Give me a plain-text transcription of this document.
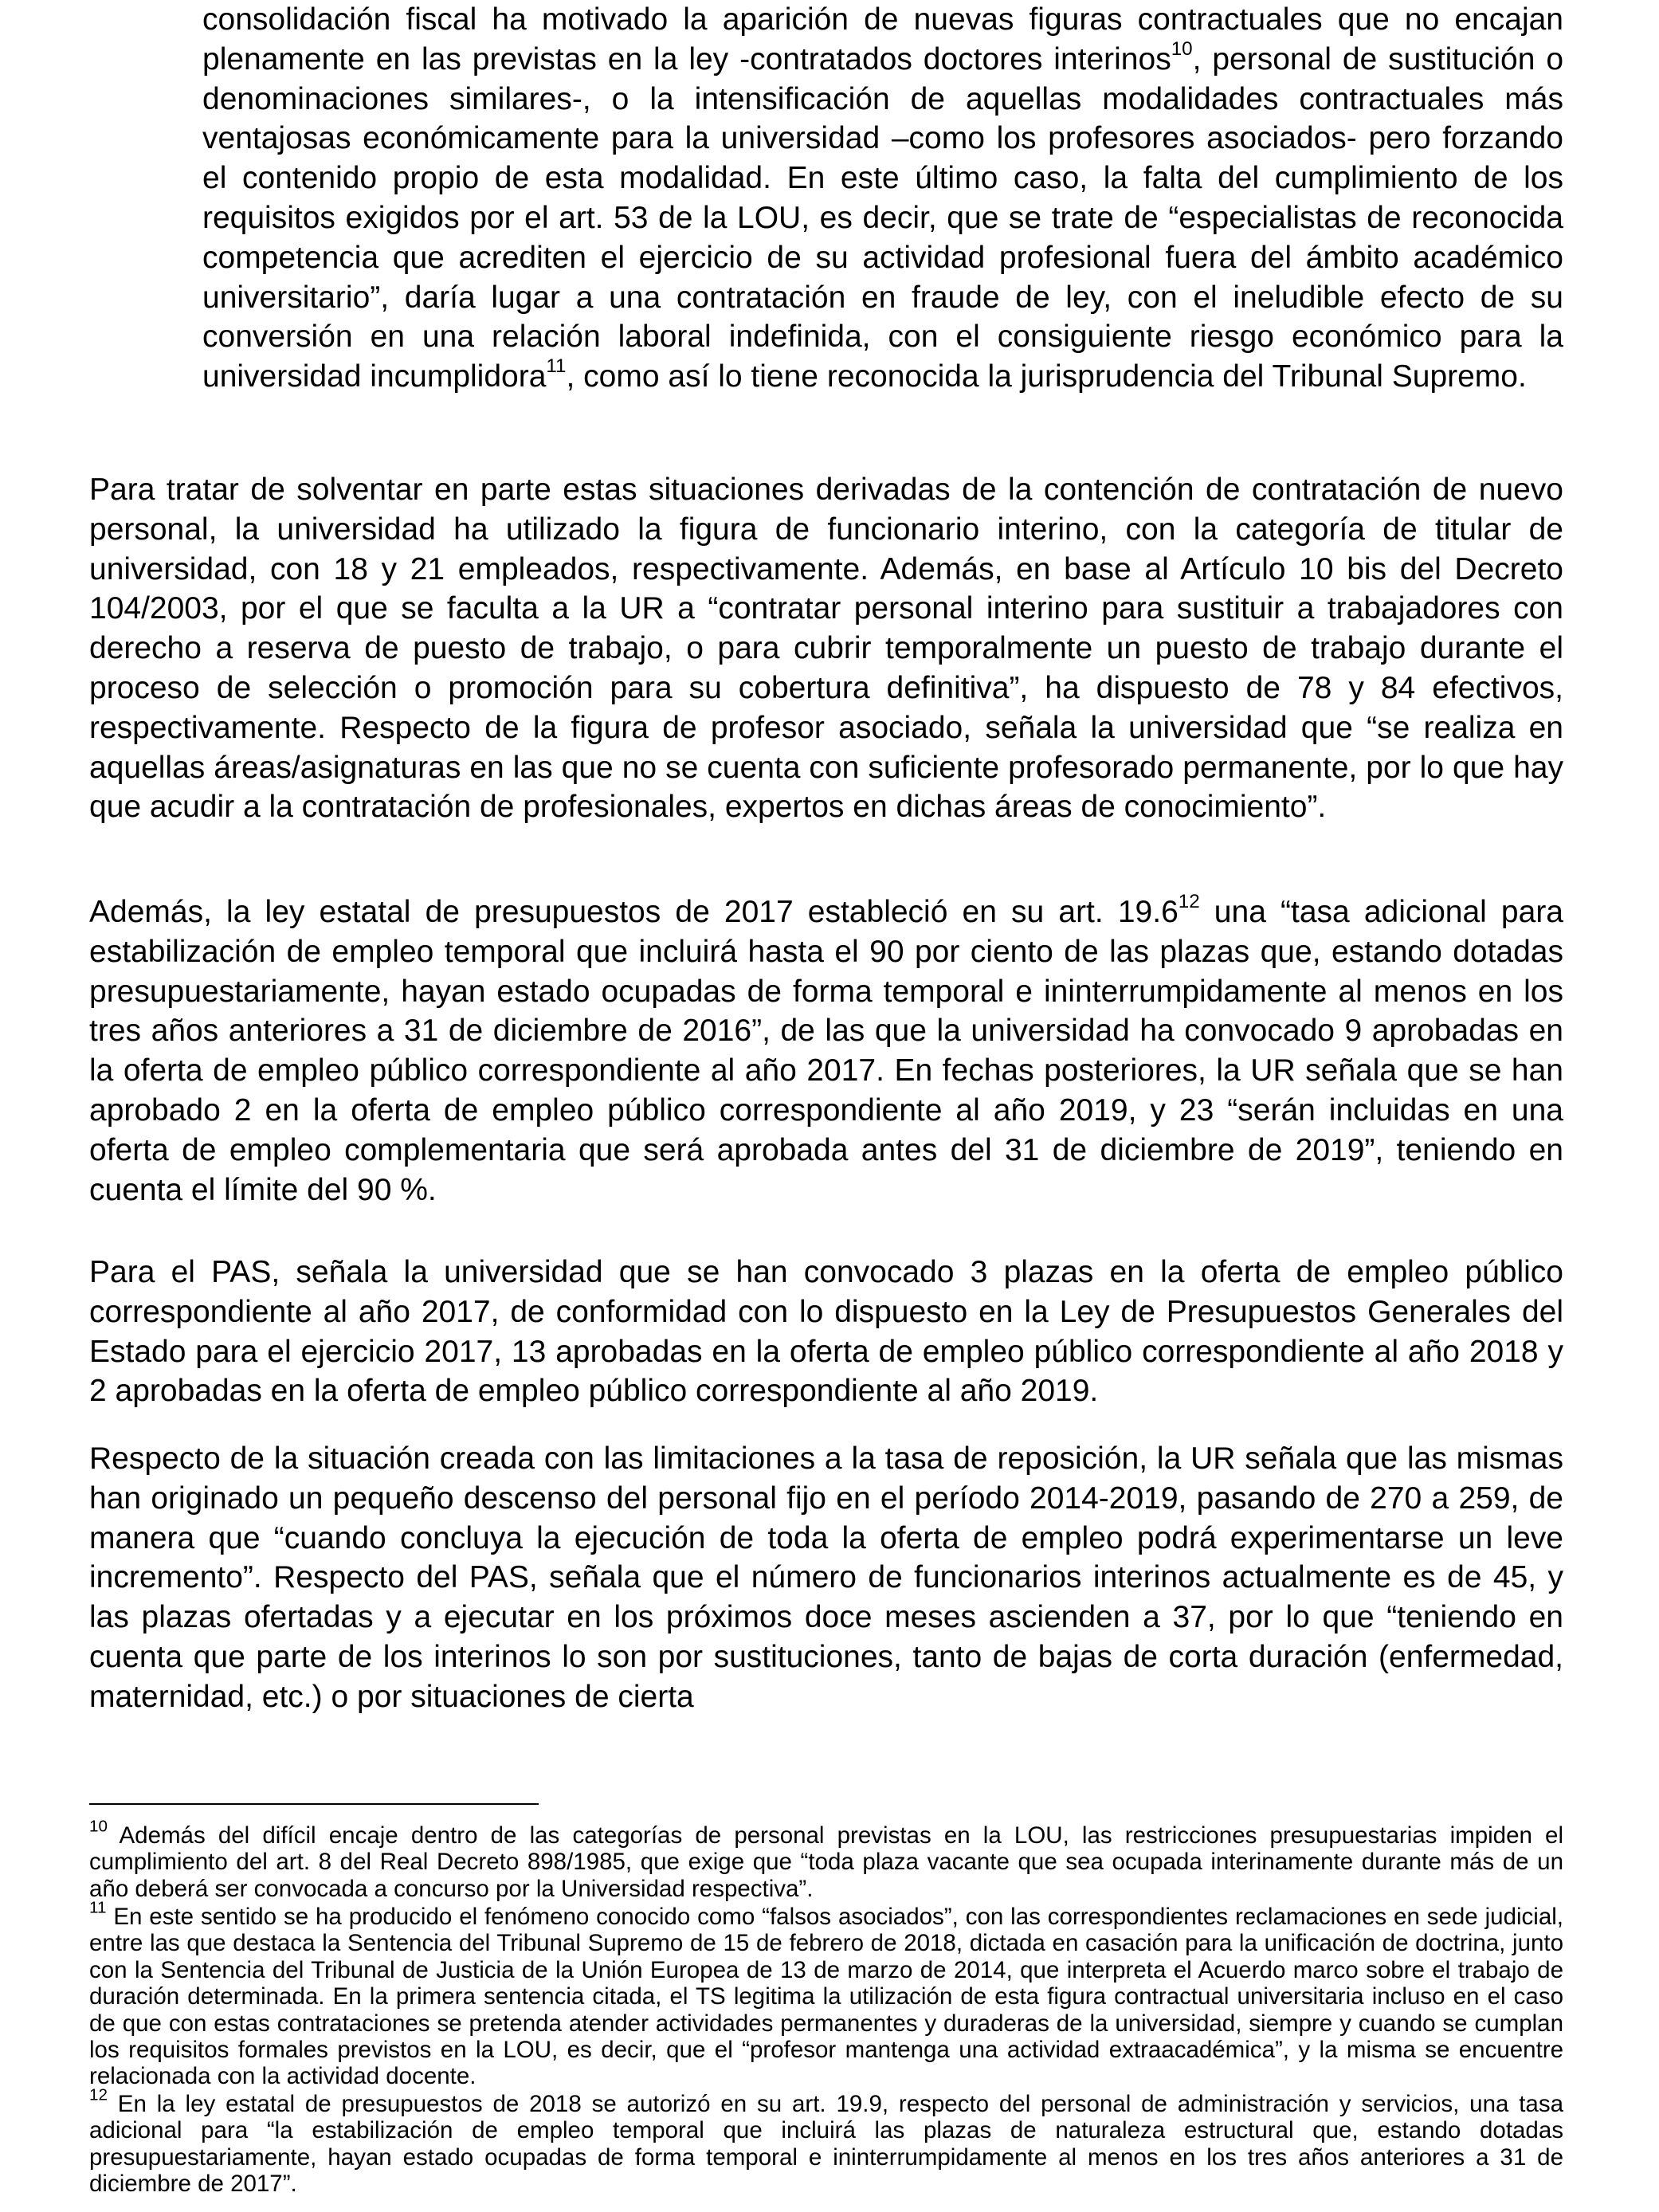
consolidación fiscal ha motivado la aparición de nuevas figuras contractuales que no encajan plenamente en las previstas en la ley -contratados doctores interinos$^{10}$, personal de sustitución o denominaciones similares-, o la intensificación de aquellas modalidades contractuales más ventajosas económicamente para la universidad –como los profesores asociados- pero forzando el contenido propio de esta modalidad. En este último caso, la falta del cumplimiento de los requisitos exigidos por el art. 53 de la LOU, es decir, que se trate de “especialistas de reconocida competencia que acrediten el ejercicio de su actividad profesional fuera del ámbito académico universitario”, daría lugar a una contratación en fraude de ley, con el ineludible efecto de su conversión en una relación laboral indefinida, con el consiguiente riesgo económico para la universidad incumplidora$^{11}$, como así lo tiene reconocida la jurisprudencia del Tribunal Supremo.

Para tratar de solventar en parte estas situaciones derivadas de la contención de contratación de nuevo personal, la universidad ha utilizado la figura de funcionario interino, con la categoría de titular de universidad, con 18 y 21 empleados, respectivamente. Además, en base al Artículo 10 bis del Decreto 104/2003, por el que se faculta a la UR a “contratar personal interino para sustituir a trabajadores con derecho a reserva de puesto de trabajo, o para cubrir temporalmente un puesto de trabajo durante el proceso de selección o promoción para su cobertura definitiva”, ha dispuesto de 78 y 84 efectivos, respectivamente. Respecto de la figura de profesor asociado, señala la universidad que “se realiza en aquellas áreas/asignaturas en las que no se cuenta con suficiente profesorado permanente, por lo que hay que acudir a la contratación de profesionales, expertos en dichas áreas de conocimiento”.

Además, la ley estatal de presupuestos de 2017 estableció en su art. 19.6$^{12}$ una “tasa adicional para estabilización de empleo temporal que incluirá hasta el 90 por ciento de las plazas que, estando dotadas presupuestariamente, hayan estado ocupadas de forma temporal e ininterrumpidamente al menos en los tres años anteriores a 31 de diciembre de 2016”, de las que la universidad ha convocado 9 aprobadas en la oferta de empleo público correspondiente al año 2017. En fechas posteriores, la UR señala que se han aprobado 2 en la oferta de empleo público correspondiente al año 2019, y 23 “serán incluidas en una oferta de empleo complementaria que será aprobada antes del 31 de diciembre de 2019”, teniendo en cuenta el límite del 90 %.

Para el PAS, señala la universidad que se han convocado 3 plazas en la oferta de empleo público correspondiente al año 2017, de conformidad con lo dispuesto en la Ley de Presupuestos Generales del Estado para el ejercicio 2017, 13 aprobadas en la oferta de empleo público correspondiente al año 2018 y 2 aprobadas en la oferta de empleo público correspondiente al año 2019.

Respecto de la situación creada con las limitaciones a la tasa de reposición, la UR señala que las mismas han originado un pequeño descenso del personal fijo en el período 2014-2019, pasando de 270 a 259, de manera que “cuando concluya la ejecución de toda la oferta de empleo podrá experimentarse un leve incremento”. Respecto del PAS, señala que el número de funcionarios interinos actualmente es de 45, y las plazas ofertadas y a ejecutar en los próximos doce meses ascienden a 37, por lo que “teniendo en cuenta que parte de los interinos lo son por sustituciones, tanto de bajas de corta duración (enfermedad, maternidad, etc.) o por situaciones de cierta

$^{10}$ Además del difícil encaje dentro de las categorías de personal previstas en la LOU, las restricciones presupuestarias impiden el cumplimiento del art. 8 del Real Decreto 898/1985, que exige que “toda plaza vacante que sea ocupada interinamente durante más de un año deberá ser convocada a concurso por la Universidad respectiva”.

$^{11}$ En este sentido se ha producido el fenómeno conocido como “falsos asociados”, con las correspondientes reclamaciones en sede judicial, entre las que destaca la Sentencia del Tribunal Supremo de 15 de febrero de 2018, dictada en casación para la unificación de doctrina, junto con la Sentencia del Tribunal de Justicia de la Unión Europea de 13 de marzo de 2014, que interpreta el Acuerdo marco sobre el trabajo de duración determinada. En la primera sentencia citada, el TS legitima la utilización de esta figura contractual universitaria incluso en el caso de que con estas contrataciones se pretenda atender actividades permanentes y duraderas de la universidad, siempre y cuando se cumplan los requisitos formales previstos en la LOU, es decir, que el “profesor mantenga una actividad extraacadémica”, y la misma se encuentre relacionada con la actividad docente.

$^{12}$ En la ley estatal de presupuestos de 2018 se autorizó en su art. 19.9, respecto del personal de administración y servicios, una tasa adicional para “la estabilización de empleo temporal que incluirá las plazas de naturaleza estructural que, estando dotadas presupuestariamente, hayan estado ocupadas de forma temporal e ininterrumpidamente al menos en los tres años anteriores a 31 de diciembre de 2017”.
